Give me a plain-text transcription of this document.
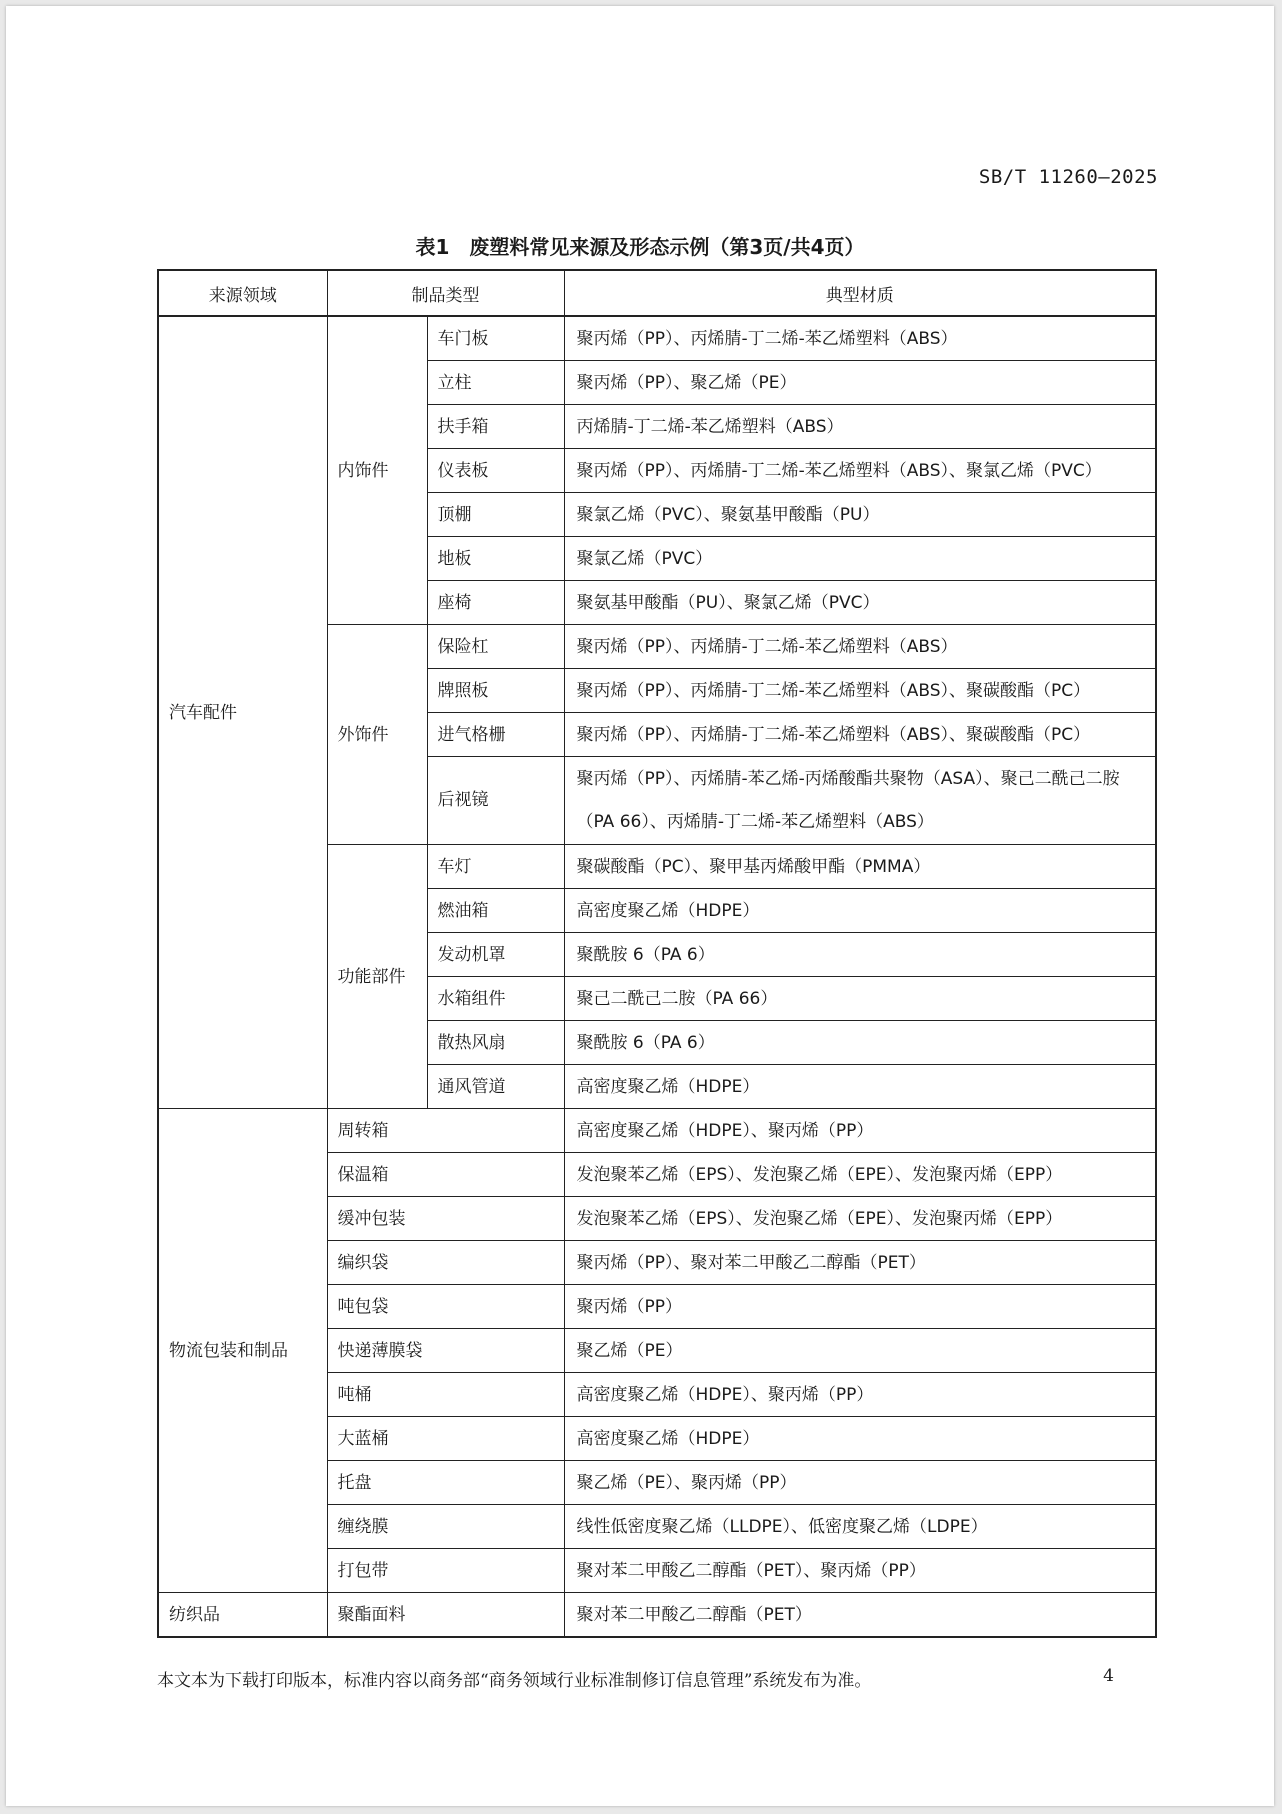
SB/T 11260—2025
表1　废塑料常见来源及形态示例（第3页/共4页）
来源领域	制品类型		典型材质
汽车配件	内饰件	车门板	聚丙烯（PP）、丙烯腈-丁二烯-苯乙烯塑料（ABS）
		立柱	聚丙烯（PP）、聚乙烯（PE）
		扶手箱	丙烯腈-丁二烯-苯乙烯塑料（ABS）
		仪表板	聚丙烯（PP）、丙烯腈-丁二烯-苯乙烯塑料（ABS）、聚氯乙烯（PVC）
		顶棚	聚氯乙烯（PVC）、聚氨基甲酸酯（PU）
		地板	聚氯乙烯（PVC）
		座椅	聚氨基甲酸酯（PU）、聚氯乙烯（PVC）
	外饰件	保险杠	聚丙烯（PP）、丙烯腈-丁二烯-苯乙烯塑料（ABS）
		牌照板	聚丙烯（PP）、丙烯腈-丁二烯-苯乙烯塑料（ABS）、聚碳酸酯（PC）
		进气格栅	聚丙烯（PP）、丙烯腈-丁二烯-苯乙烯塑料（ABS）、聚碳酸酯（PC）
		后视镜	聚丙烯（PP）、丙烯腈-苯乙烯-丙烯酸酯共聚物（ASA）、聚己二酰己二胺（PA 66）、丙烯腈-丁二烯-苯乙烯塑料（ABS）
	功能部件	车灯	聚碳酸酯（PC）、聚甲基丙烯酸甲酯（PMMA）
		燃油箱	高密度聚乙烯（HDPE）
		发动机罩	聚酰胺 6（PA 6）
		水箱组件	聚己二酰己二胺（PA 66）
		散热风扇	聚酰胺 6（PA 6）
		通风管道	高密度聚乙烯（HDPE）
物流包装和制品	周转箱		高密度聚乙烯（HDPE）、聚丙烯（PP）
	保温箱		发泡聚苯乙烯（EPS）、发泡聚乙烯（EPE）、发泡聚丙烯（EPP）
	缓冲包装		发泡聚苯乙烯（EPS）、发泡聚乙烯（EPE）、发泡聚丙烯（EPP）
	编织袋		聚丙烯（PP）、聚对苯二甲酸乙二醇酯（PET）
	吨包袋		聚丙烯（PP）
	快递薄膜袋		聚乙烯（PE）
	吨桶		高密度聚乙烯（HDPE）、聚丙烯（PP）
	大蓝桶		高密度聚乙烯（HDPE）
	托盘		聚乙烯（PE）、聚丙烯（PP）
	缠绕膜		线性低密度聚乙烯（LLDPE）、低密度聚乙烯（LDPE）
	打包带		聚对苯二甲酸乙二醇酯（PET）、聚丙烯（PP）
纺织品	聚酯面料		聚对苯二甲酸乙二醇酯（PET）
本文本为下载打印版本，标准内容以商务部“商务领域行业标准制修订信息管理”系统发布为准。	4
